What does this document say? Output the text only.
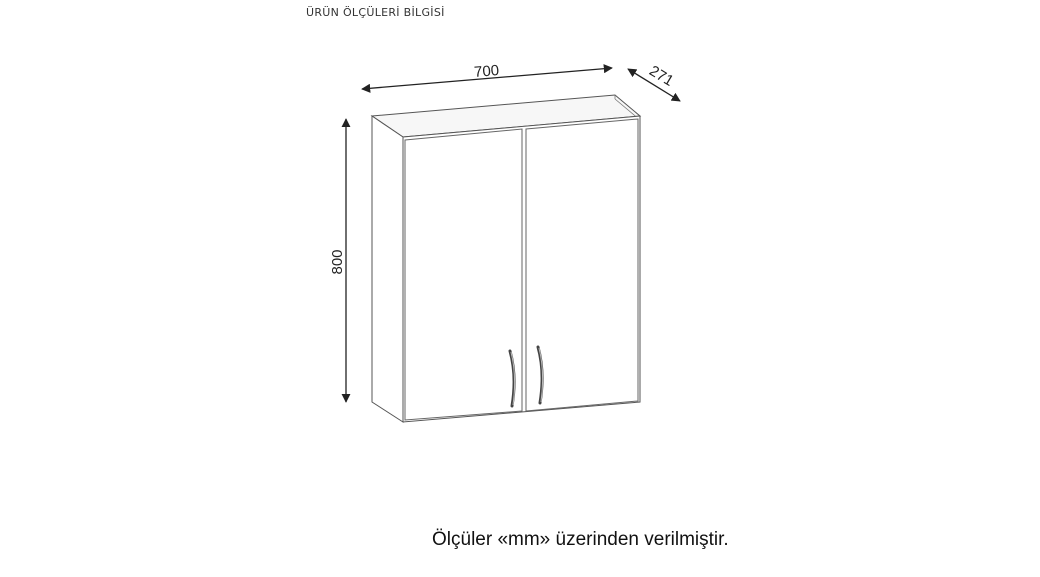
ÜRÜN ÖLÇÜLERİ BİLGİSİ
700	271
800
Ölçüler «mm» üzerinden verilmiştir.
